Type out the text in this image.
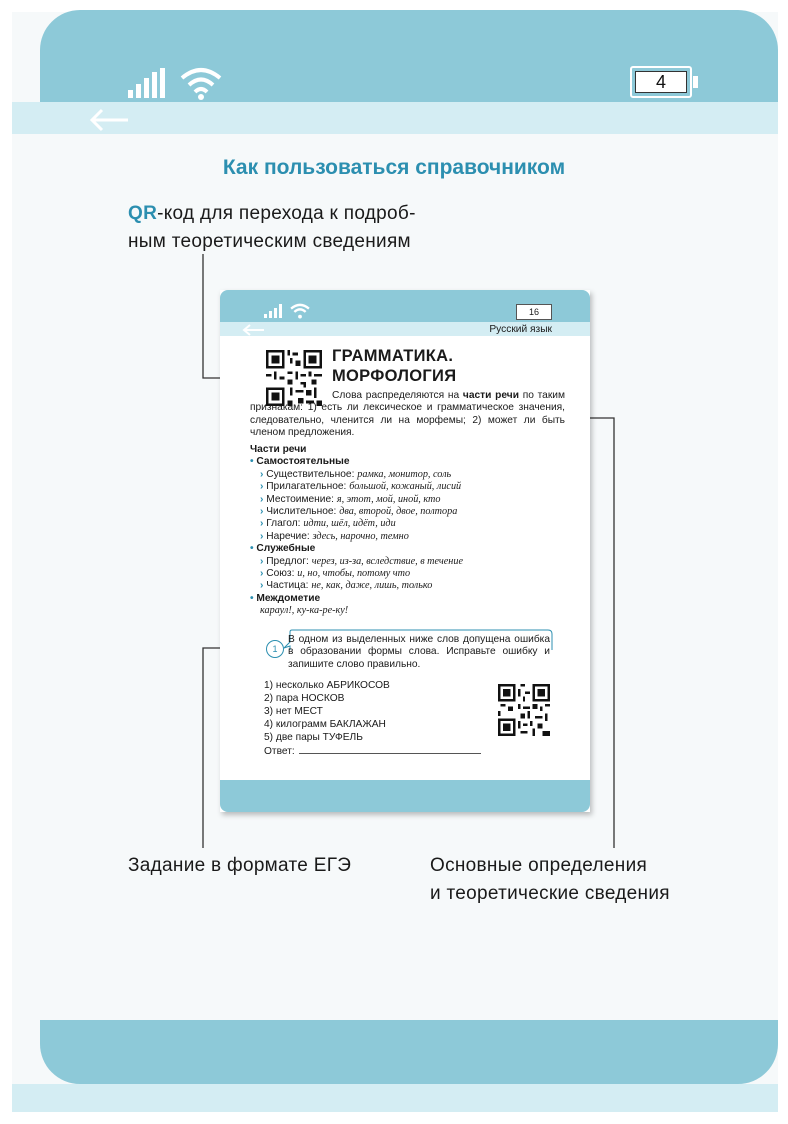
4
Как пользоваться справочником
QR-код для перехода к подроб-
ным теоретическим сведениям
Задание в формате ЕГЭ	Основные определения
и теоретические сведения
16
Русский язык
ГРАММАТИКА.
МОРФОЛОГИЯ
Слова распределяются на части речи по таким признакам: 1) есть ли лексическое и грамматическое значения, следовательно, членится ли на морфемы; 2) может ли быть членом предложения.
Части речи
• Самостоятельные
› Существительное: рамка, монитор, соль
› Прилагательное: большой, кожаный, лисий
› Местоимение: я, этот, мой, иной, кто
› Числительное: два, второй, двое, полтора
› Глагол: идти, шёл, идёт, иди
› Наречие: здесь, нарочно, темно
• Служебные
› Предлог: через, из-за, вследствие, в течение
› Союз: и, но, чтобы, потому что
› Частица: не, как, даже, лишь, только
• Междометие
караул!, ку-ка-ре-ку!
1
В одном из выделенных ниже слов допущена ошибка в образовании формы слова. Исправьте ошибку и запишите слово правильно.
1) несколько АБРИКОСОВ
2) пара НОСКОВ
3) нет МЕСТ
4) килограмм БАКЛАЖАН
5) две пары ТУФЕЛЬ
Ответ:
